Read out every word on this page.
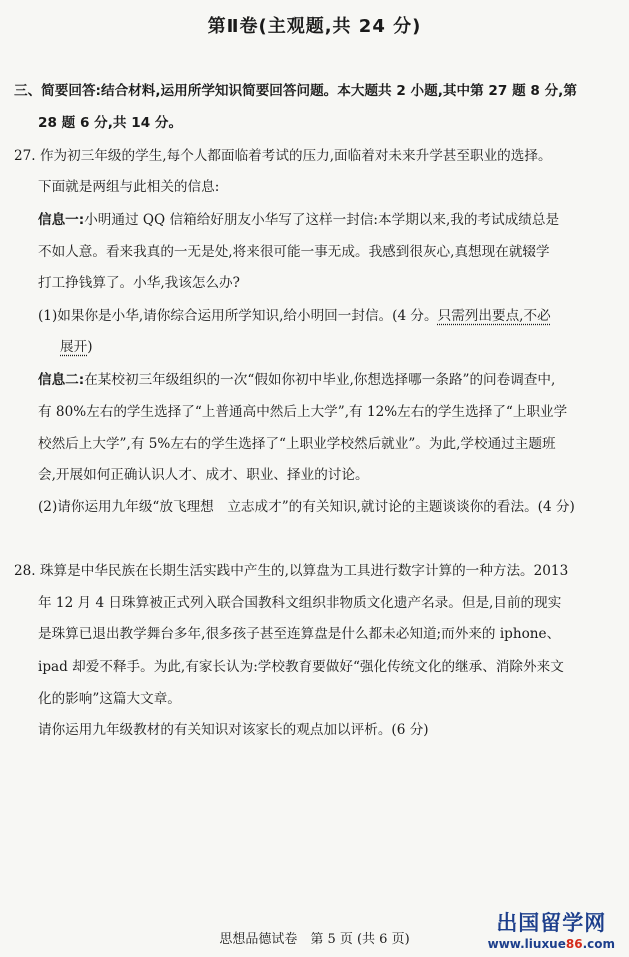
第Ⅱ卷(主观题,共 24 分)
三、简要回答:结合材料,运用所学知识简要回答问题。本大题共 2 小题,其中第 27 题 8 分,第
28 题 6 分,共 14 分。
27. 作为初三年级的学生,每个人都面临着考试的压力,面临着对未来升学甚至职业的选择。
下面就是两组与此相关的信息:
信息一:小明通过 QQ 信箱给好朋友小华写了这样一封信:本学期以来,我的考试成绩总是
不如人意。看来我真的一无是处,将来很可能一事无成。我感到很灰心,真想现在就辍学
打工挣钱算了。小华,我该怎么办?
(1)如果你是小华,请你综合运用所学知识,给小明回一封信。(4 分。只需列出要点,不必
展开)
信息二:在某校初三年级组织的一次“假如你初中毕业,你想选择哪一条路”的问卷调查中,
有 80%左右的学生选择了“上普通高中然后上大学”,有 12%左右的学生选择了“上职业学
校然后上大学”,有 5%左右的学生选择了“上职业学校然后就业”。为此,学校通过主题班
会,开展如何正确认识人才、成才、职业、择业的讨论。
(2)请你运用九年级“放飞理想　立志成才”的有关知识,就讨论的主题谈谈你的看法。(4 分)
28. 珠算是中华民族在长期生活实践中产生的,以算盘为工具进行数字计算的一种方法。2013
年 12 月 4 日珠算被正式列入联合国教科文组织非物质文化遗产名录。但是,目前的现实
是珠算已退出教学舞台多年,很多孩子甚至连算盘是什么都未必知道;而外来的 iphone、
ipad 却爱不释手。为此,有家长认为:学校教育要做好“强化传统文化的继承、消除外来文
化的影响”这篇大文章。
请你运用九年级教材的有关知识对该家长的观点加以评析。(6 分)
思想品德试卷　第 5 页 (共 6 页)
出国留学网
www.liuxue86.com
